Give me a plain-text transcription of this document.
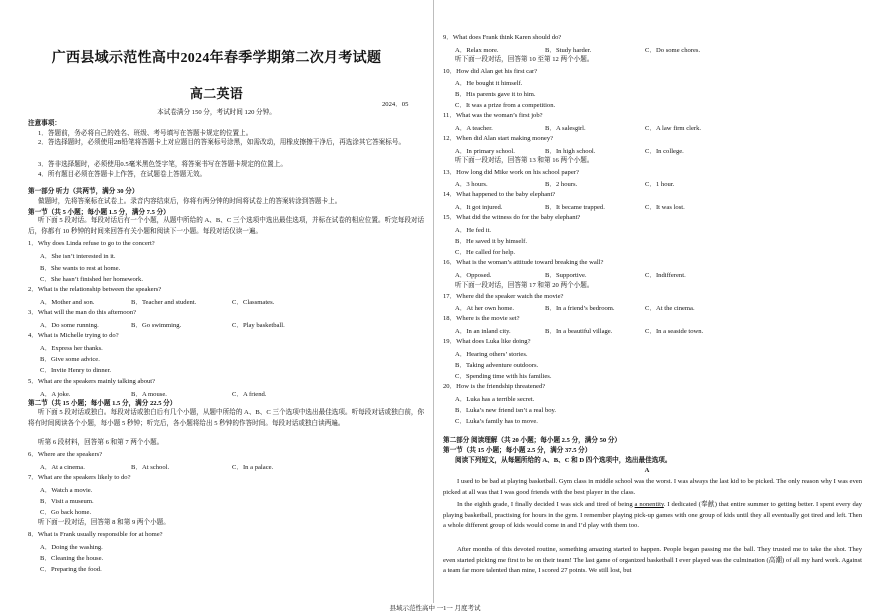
广西县域示范性高中2024年春季学期第二次月考试题
高二英语
2024．05
本试卷满分 150 分，考试时间 120 分钟。
注意事项：
1．答题前，务必将自己的姓名、班级、考号填写在答题卡规定的位置上。
2．答选择题时，必须使用2B铅笔将答题卡上对应题目的答案标号涂黑，如需改动，用橡皮擦擦干净后，再选涂其它答案标号。
3．答非选择题时，必须使用0.5毫米黑色签字笔，将答案书写在答题卡规定的位置上。
4．所有题目必须在答题卡上作答，在试题卷上答题无效。
第一部分 听力（共两节，满分 30 分）
做题时，先将答案标在试卷上。录音内容结束后，你将有两分钟的时间将试卷上的答案转涂到答题卡上。
第一节（共 5 小题；每小题 1.5 分，满分 7.5 分）
听下面 5 段对话。每段对话后有一个小题，从题中所给的 A、B、C 三个选项中选出最佳选项，并标在试卷的相应位置。听完每段对话后，你都有 10 秒钟的时间来回答有关小题和阅读下一小题。每段对话仅读一遍。
1．Why does Linda refuse to go to the concert?
A．She isn’t interested in it.
B．She wants to rest at home.
C．She hasn’t finished her homework.
2．What is the relationship between the speakers?
A．Mother and son.	B．Teacher and student.	C．Classmates.
3．What will the man do this afternoon?
A．Do some running.	B．Go swimming.	C．Play basketball.
4．What is Michelle trying to do?
A．Express her thanks.
B．Give some advice.
C．Invite Henry to dinner.
5．What are the speakers mainly talking about?
A．A joke.	B．A mouse.	C．A friend.
第二节（共 15 小题；每小题 1.5 分，满分 22.5 分）
听下面 5 段对话或独白。每段对话或独白后有几个小题，从题中所给的 A、B、C 三个选项中选出最佳选项。听每段对话或独白前，你将有时间阅读各个小题，每小题 5 秒钟；听完后，各小题将给出 5 秒钟的作答时间。每段对话或独白读两遍。
听第 6 段材料，回答第 6 和第 7 两个小题。
6．Where are the speakers?
A．At a cinema.	B．At school.	C．In a palace.
7．What are the speakers likely to do?
A．Watch a movie.
B．Visit a museum.
C．Go back home.
听下面一段对话，回答第 8 和第 9 两个小题。
8．What is Frank usually responsible for at home?
A．Doing the washing.
B．Cleaning the house.
C．Preparing the food.
9．What does Frank think Karen should do?
A．Relax more.	B．Study harder.	C．Do some chores.
听下面一段对话，回答第 10 至第 12 两个小题。
10．How did Alan get his first car?
A．He bought it himself.
B．His parents gave it to him.
C．It was a prize from a competition.
11．What was the woman’s first job?
A．A teacher.	B．A salesgirl.	C．A law firm clerk.
12．When did Alan start making money?
A．In primary school.	B．In high school.	C．In college.
听下面一段对话，回答第 13 和第 16 两个小题。
13．How long did Mike work on his school paper?
A．3 hours.	B．2 hours.	C．1 hour.
14．What happened to the baby elephant?
A．It got injured.	B．It became trapped.	C．It was lost.
15．What did the witness do for the baby elephant?
A．He fed it.
B．He saved it by himself.
C．He called for help.
16．What is the woman’s attitude toward breaking the wall?
A．Opposed.	B．Supportive.	C．Indifferent.
听下面一段对话，回答第 17 和第 20 两个小题。
17．Where did the speaker watch the movie?
A．At her own home.	B．In a friend’s bedroom.	C．At the cinema.
18．Where is the movie set?
A．In an inland city.	B．In a beautiful village.	C．In a seaside town.
19．What does Luka like doing?
A．Hearing others’ stories.
B．Taking adventure outdoors.
C．Spending time with his families.
20．How is the friendship threatened?
A．Luka has a terrible secret.
B．Luka’s new friend isn’t a real boy.
C．Luka’s family has to move.
第二部分 阅读理解（共 20 小题；每小题 2.5 分，满分 50 分）
第一节（共 15 小题；每小题 2.5 分，满分 37.5 分）
阅读下列短文，从每题所给的 A、B、C 和 D 四个选项中，选出最佳选项。
A
I used to be bad at playing basketball. Gym class in middle school was the worst. I was always the last kid to be picked. The only reason why I was even picked at all was that I was good friends with the best player in the class.
In the eighth grade, I finally decided I was sick and tired of being a nonentity. I dedicated (奉献) that entire summer to getting better. I spent every day playing basketball, practising for hours in the gym. I remember playing pick-up games with one group of kids until they all eventually got tired and left. Then a whole different group of kids would come in and I’d play with them too.
After months of this devoted routine, something amazing started to happen. People began passing me the ball. They trusted me to take the shot. They even started picking me first to be on their team! The last game of organized basketball I ever played was the culmination (高潮) of all my hard work. Against a team far more talented than mine, I scored 27 points. We still lost, but
县域示范性高中 一1一 月度考试
